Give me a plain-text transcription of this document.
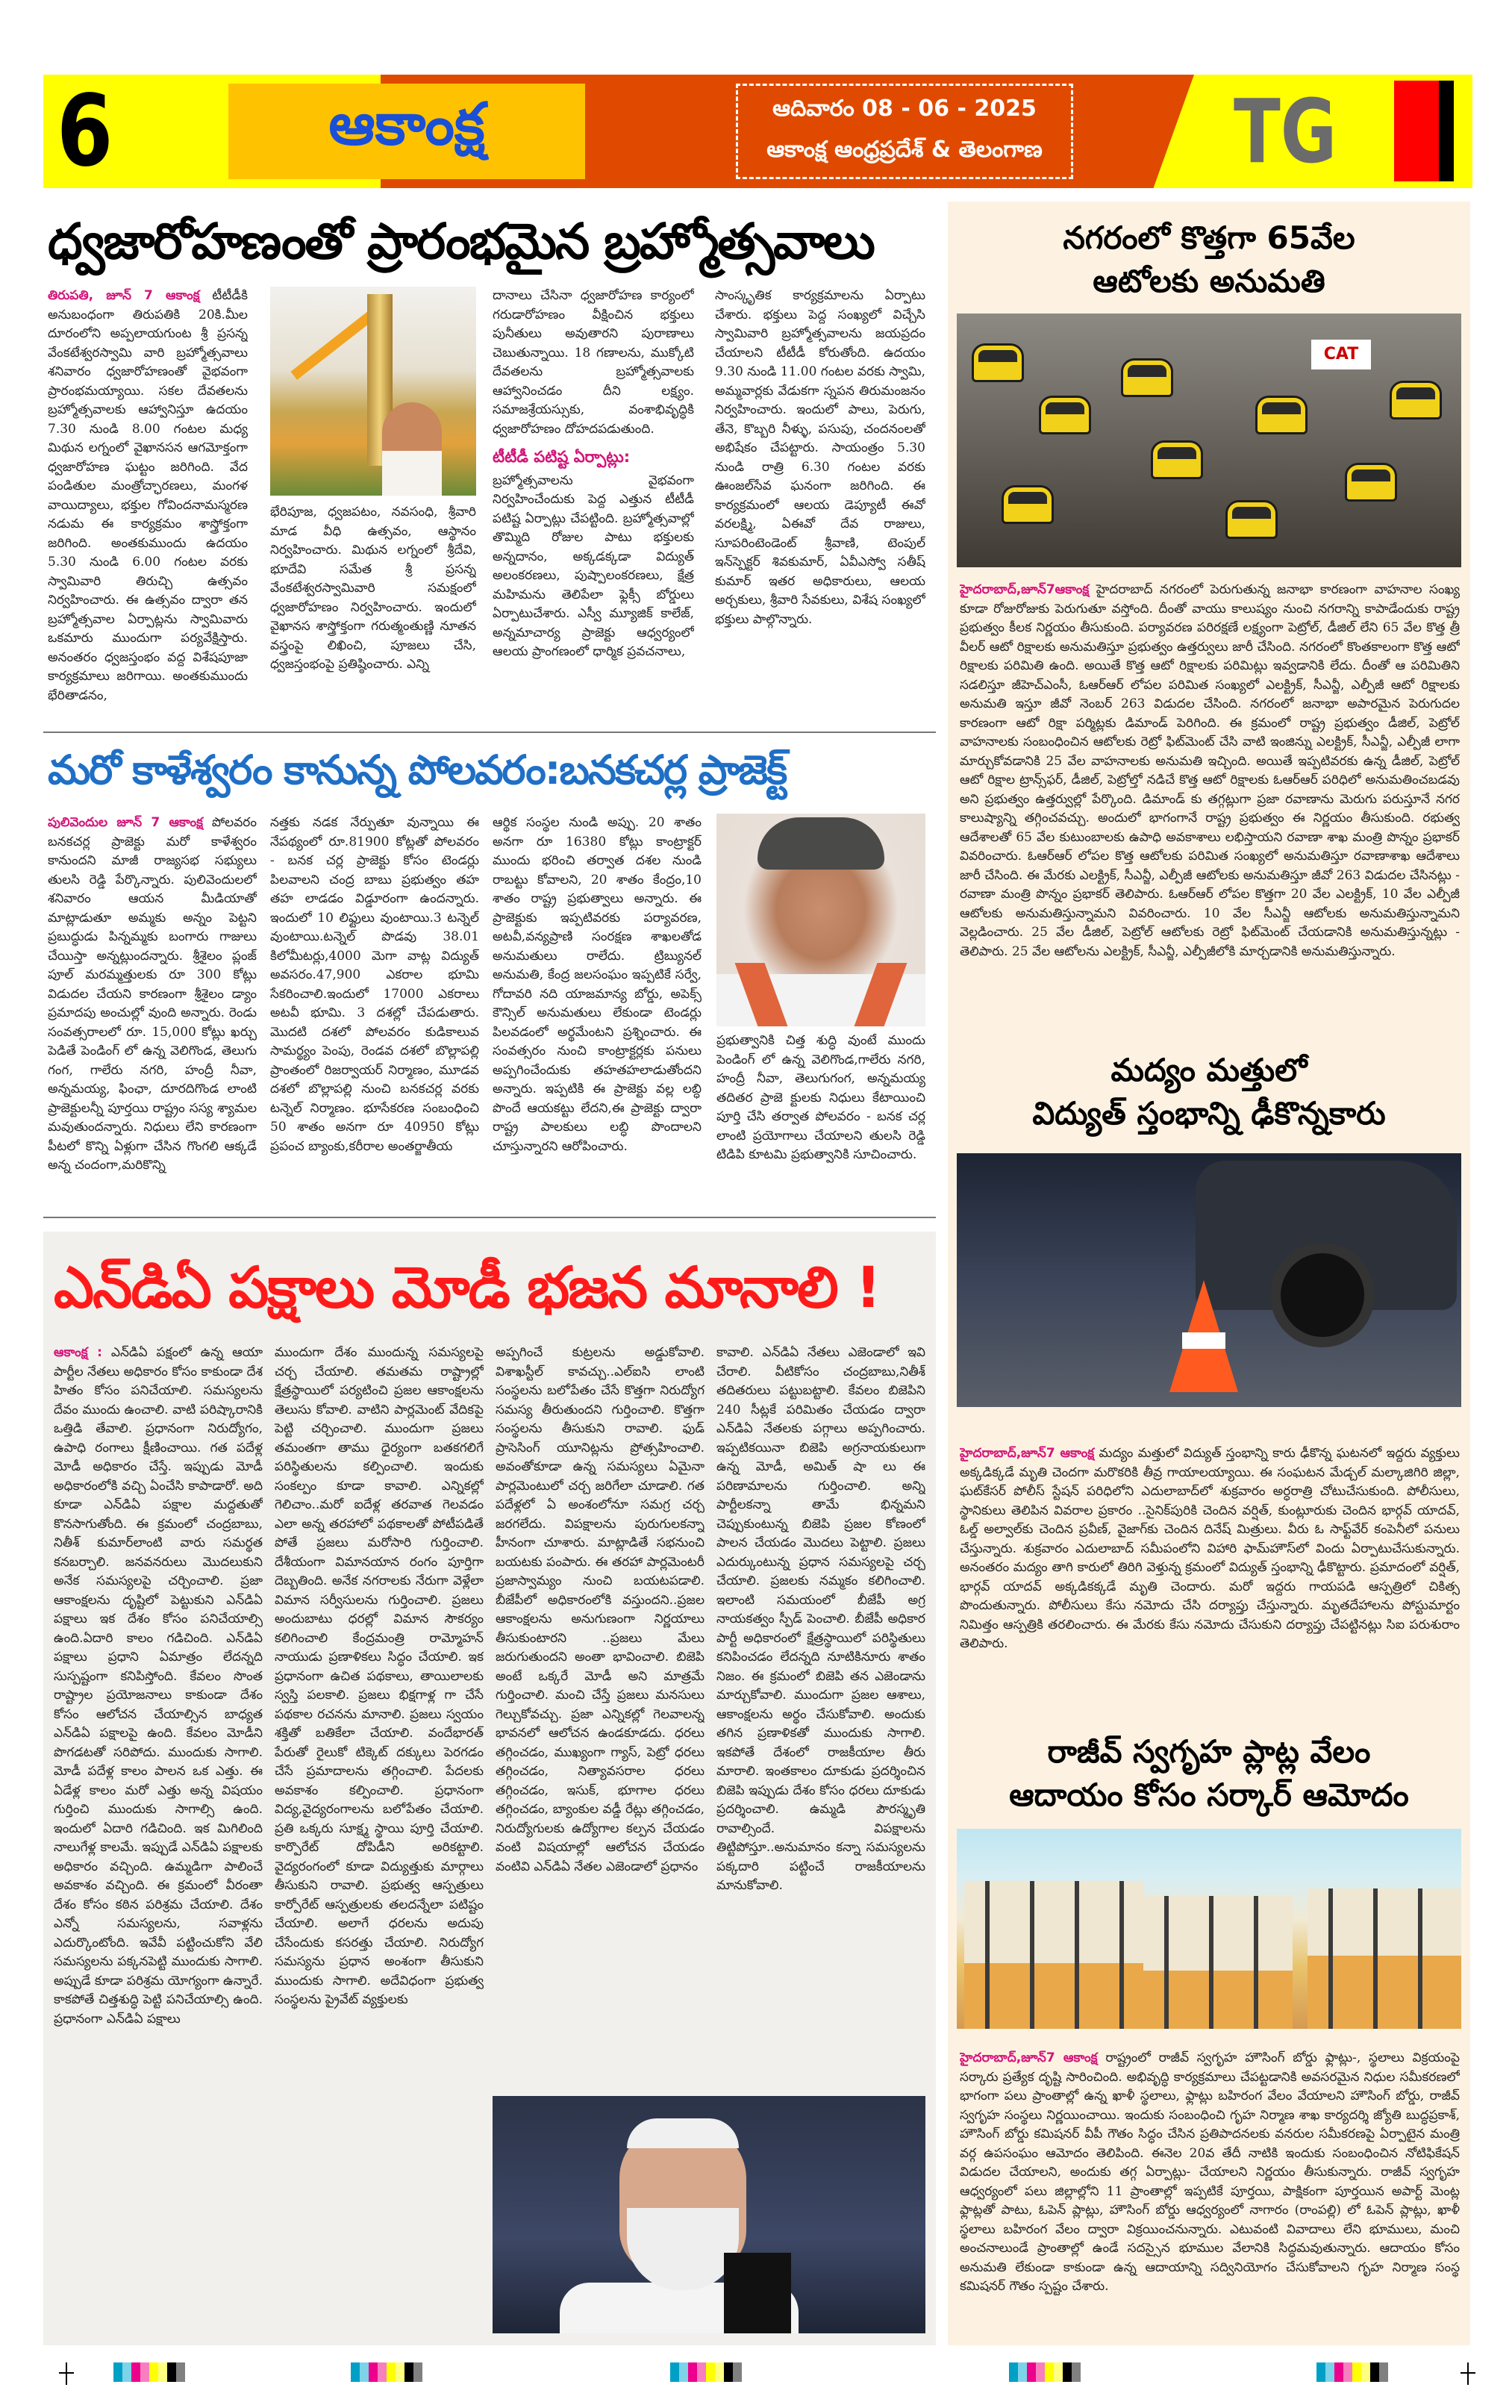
6	ఆకాంక్ష	ఆదివారం 08 - 06 - 2025
ఆకాంక్ష ఆంధ్రప్రదేశ్ & తెలంగాణ TG
ధ్వజారోహణంతో ప్రారంభమైన బ్రహ్మోత్సవాలు
తిరుపతి, జూన్ 7 ఆకాంక్ష టీటీడీకి అనుబంధంగా తిరుపతికి 20కి.మీల దూరంలోని అప్పలాయగుంట శ్రీ ప్రసన్న వేంకటేశ్వరస్వామి వారి బ్రహ్మోత్సవాలు శనివారం ధ్వజారోహణంతో వైభవంగా ప్రారంభమయ్యాయి. సకల దేవతలను బ్రహ్మోత్సవాలకు ఆహ్వానిస్తూ ఉదయం 7.30 నుండి 8.00 గంటల మధ్య మిథున లగ్నంలో వైఖానసన ఆగమోక్తంగా ధ్వజారోహణ ఘట్టం జరిగింది. వేద పండితుల మంత్రోచ్ఛారణలు, మంగళ వాయిద్యాలు, భక్తుల గోవిందనామస్మరణ నడుమ ఈ కార్యక్రమం శాస్త్రోక్తంగా జరిగింది. అంతకుముందు ఉదయం 5.30 నుండి 6.00 గంటల వరకు స్వామివారి తిరుచ్చి ఉత్సవం నిర్వహించారు. ఈ ఉత్సవం ద్వారా తన బ్రహ్మోత్సవాల ఏర్పాట్లను స్వామివారు ఒకమారు ముందుగా పర్యవేక్షిస్తారు. అనంతరం ధ్వజస్తంభం వద్ద విశేషపూజా కార్యక్రమాలు జరిగాయి. అంతకుముందు భేరితాడనం,
భేరిపూజ, ధ్వజపటం, నవసంధి, శ్రీవారి మాడ వీధి ఉత్సవం, ఆస్థానం నిర్వహించారు. మిథున లగ్నంలో శ్రీదేవి, భూదేవి సమేత శ్రీ ప్రసన్న వేంకటేశ్వరస్వామివారి సమక్షంలో ధ్వజారోహణం నిర్వహించారు. ఇందులో వైఖానస శాస్త్రోక్తంగా గరుత్మంతుణ్ణి నూతన వస్త్రంపై లిఖించి, పూజలు చేసి, ధ్వజస్తంభంపై ప్రతిష్ఠించారు. ఎన్ని
దానాలు చేసినా ధ్వజారోహణ కార్యంలో గరుడారోహణం వీక్షించిన భక్తులు పునీతులు అవుతారని పురాణాలు చెబుతున్నాయి. 18 గణాలను, ముక్కోటి దేవతలను బ్రహ్మోత్సవాలకు ఆహ్వానించడం దీని లక్ష్యం. సమాజశ్రేయస్సుకు, వంశాభివృద్ధికి ధ్వజారోహణం దోహదపడుతుంది.
టీటీడీ పటిష్ట ఏర్పాట్లు:
బ్రహ్మోత్సవాలను వైభవంగా నిర్వహించేందుకు పెద్ద ఎత్తున టీటీడీ పటిష్ట ఏర్పాట్లు చేపట్టింది. బ్రహ్మోత్సవాల్లో తొమ్మిది రోజుల పాటు భక్తులకు అన్నదానం, అక్కడక్కడా విద్యుత్ అలంకరణలు, పుష్పాలంకరణలు, క్షేత్ర మహిమను తెలిపేలా ఫ్లెక్సీ బోర్డులు ఏర్పాటుచేశారు. ఎస్వీ మ్యూజిక్ కాలేజ్, అన్నమాచార్య ప్రాజెక్టు ఆధ్వర్యంలో ఆలయ ప్రాంగణంలో ధార్మిక ప్రవచనాలు,
సాంస్కృతిక కార్యక్రమాలను ఏర్పాటు చేశారు. భక్తులు పెద్ద సంఖ్యలో విచ్చేసి స్వామివారి బ్రహ్మోత్సవాలను జయప్రదం చేయాలని టీటీడీ కోరుతోంది. ఉదయం 9.30 నుండి 11.00 గంటల వరకు స్వామి, అమ్మవార్లకు వేడుకగా స్నపన తిరుమంజనం నిర్వహించారు. ఇందులో పాలు, పెరుగు, తేనె, కొబ్బరి నీళ్ళు, పసుపు, చందనంలతో అభిషేకం చేపట్టారు. సాయంత్రం 5.30 నుండి రాత్రి 6.30 గంటల వరకు ఊంజల్‌సేవ ఘనంగా జరిగింది. ఈ కార్యక్రమంలో ఆలయ డెప్యూటీ ఈవో వరలక్ష్మి, ఏఈవో దేవ రాజులు, సూపరింటెండెంట్ శ్రీవాణి, టెంపుల్ ఇన్‌స్పెక్టర్ శివకుమార్, ఏవీఎస్వో సతీష్ కుమార్ ఇతర అధికారులు, ఆలయ అర్చకులు, శ్రీవారి సేవకులు, విశేష సంఖ్యలో భక్తులు పాల్గొన్నారు.
మరో కాళేశ్వరం కానున్న పోలవరం:బనకచర్ల ప్రాజెక్ట్
పులివెందుల జూన్ 7 ఆకాంక్ష పోలవరం బనకచర్ల ప్రాజెక్టు మరో కాళేశ్వరం కానుందని మాజీ రాజ్యసభ సభ్యులు తులసి రెడ్డి పేర్కొన్నారు. పులివెందులలో శనివారం ఆయన మీడియాతో మాట్లాడుతూ అమ్మకు అన్నం పెట్టని ప్రబుద్ధుడు పిన్నమ్మకు బంగారు గాజులు చేయిస్తా అన్నట్లుందన్నారు. శ్రీశైలం ప్లంజ్ పూల్ మరమ్మత్తులకు రూ 300 కోట్లు విడుదల చేయని కారణంగా శ్రీశైలం డ్యాం ప్రమాదపు అంచుల్లో వుంది అన్నారు. రెండు సంవత్సరాలలో రూ. 15,000 కోట్లు ఖర్చు పెడితే పెండింగ్ లో ఉన్న వెలిగొండ, తెలుగు గంగ, గాలేరు నగరి, హంద్రీ నీవా, అన్నమయ్య, ఫింఛా, దూరదిగొండ లాంటి ప్రాజెక్టులన్నీ పూర్తయి రాష్ట్రం సస్య శ్యామల మవుతుందన్నారు. నిధులు లేని కారణంగా పీటలో కొన్ని ఏళ్లుగా చేసిన గొంగలి ఆక్కడే అన్న చందంగా,మరికొన్ని
నత్తకు నడక నేర్పుతూ వున్నాయి ఈ నేపథ్యంలో రూ.81900 కోట్లతో పోలవరం - బనక చర్ల ప్రాజెక్టు కోసం టెండర్లు పిలవాలని చంద్ర బాబు ప్రభుత్వం తహ తహ లాడడం విడ్డూరంగా ఉందన్నారు. ఇందులో 10 లిఫ్టులు వుంటాయి.3 టన్నెల్ వుంటాయి.టన్నెల్ పొడవు 38.01 కిలోమీటర్లు,4000 మెగా వాట్ల విద్యుత్ అవసరం.47,900 ఎకరాల భూమి సేకరించాలి.ఇందులో 17000 ఎకరాలు అటవీ భూమి. 3 దశల్లో చేపడుతారు. మొదటి దశలో పోలవరం కుడికాలువ సామర్థ్యం పెంపు, రెండవ దశలో బొల్లాపల్లి ప్రాంతంలో రిజర్వాయర్ నిర్మాణం, మూడవ దశలో బొల్లాపల్లి నుంచి బనకచర్ల వరకు టన్నెల్ నిర్మాణం. భూసేకరణ సంబంధించి 50 శాతం అనగా రూ 40950 కోట్లు ప్రపంచ బ్యాంకు,కరీరాల అంతర్జాతీయ
ఆర్థిక సంస్థల నుండి అప్పు. 20 శాతం అనగా రూ 16380 కోట్లు కాంట్రాక్టర్ ముందు భరించి తర్వాత దశల నుండి రాబట్టు కోవాలని, 20 శాతం కేంద్రం,10 శాతం రాష్ట్ర ప్రభుత్వాలు అన్నారు. ఈ ప్రాజెక్టుకు ఇప్పటివరకు పర్యావరణ, అటవీ,వన్యప్రాణి సంరక్షణ శాఖలతోడ అనుమతులు రాలేదు. ట్రిబ్యునల్ అనుమతి, కేంద్ర జలసంఘం ఇప్పటికే సర్వే, గోదావరి నది యాజమాన్య బోర్డు, అపెక్స్ కౌన్సిల్ అనుమతులు లేకుండా టెండర్లు పిలవడంలో అర్థమేంటని ప్రశ్నించారు. ఈ సంవత్సరం నుంచి కాంట్రాక్టర్లకు పనులు అప్పగించేందుకు తహతహలాడుతోందని అన్నారు. ఇప్పటికి ఈ ప్రాజెక్టు వల్ల లబ్ధి పొందే ఆయకట్టు లేదని,ఈ ప్రాజెక్టు ద్వారా రాష్ట్ర పాలకులు లబ్ధి పొందాలని చూస్తున్నారని ఆరోపించారు.
ప్రభుత్వానికి చిత్త శుద్ధి వుంటే ముందు పెండింగ్ లో ఉన్న వెలిగొండ,గాలేరు నగరి, హంద్రీ నీవా, తెలుగుగంగ, అన్నమయ్య తదితర ప్రాజె క్టులకు నిధులు కేటాయించి పూర్తి చేసి తర్వాత పోలవరం - బనక చర్ల లాంటి ప్రయోగాలు చేయాలని తులసి రెడ్డి టిడిపి కూటమి ప్రభుత్వానికి సూచించారు.
ఎన్‌డిఏ పక్షాలు మోడీ భజన మానాలి !
ఆకాంక్ష : ఎన్‌డిఏ పక్షంలో ఉన్న ఆయా పార్టీల నేతలు అధికారం కోసం కాకుండా దేశ హితం కోసం పనిచేయాలి. సమస్యలను దేవం ముందు ఉంచాలి. వాటి పరిష్కారానికి ఒత్తిడి తేవాలి. ప్రధానంగా నిరుద్యోగం, ఉపాధి రంగాలు క్షీణించాయి. గత పదేళ్ల మోడీ అధికారం చేస్తే. ఇప్పుడు మోడీ అధికారంలోకి వచ్చి ఏంచేసి కాపాడారో. అది కూడా ఎన్‌డిఏ పక్షాల మద్దతుతో కొనసాగుతోంది. ఈ క్రమంలో చంద్రబాబు, నితీశ్ కుమార్‌లాంటి వారు సమర్థత కనబర్చాలి. జనవనరులు మొదలుకుని అనేక సమస్యలపై చర్చించాలి. ప్రజా ఆకాంక్షలను దృష్టిలో పెట్టుకుని ఎన్‌డిఏ పక్షాలు ఇక దేశం కోసం పనిచేయాల్సి ఉంది.ఏదారి కాలం గడిచింది. ఎన్‌డిఏ పక్షాలు ప్రధాని ఏమాత్రం లేదన్నది సుస్పష్టంగా కనిపిస్తోంది. కేవలం సొంత రాష్ట్రాల ప్రయోజనాలు కాకుండా దేశం కోసం ఆలోచన చేయాల్సిన బాధ్యత ఎన్‌డిఏ పక్షాలపై ఉంది. కేవలం మోడీని పొగడటతో సరిపోదు. ముందుకు సాగాలి. మోడీ పదేళ్ల కాలం పాలన ఒక ఎత్తు. ఈ ఏడేళ్ల కాలం మరో ఎత్తు అన్న విషయం గుర్తించి ముందుకు సాగాల్సి ఉంది. ఇందులో ఏదారి గడిచింది. ఇక మిగిలింది నాలుగేళ్ల కాలమే. ఇప్పుడే ఎన్‌డిఏ పక్షాలకు అధికారం వచ్చింది. ఉమ్మడిగా పాలించే అవకాశం వచ్చింది. ఈ క్రమంలో వీరంతా దేశం కోసం కఠిన పరిశ్రమ చేయాలి. దేశం ఎన్నో సమస్యలను, సవాళ్లను ఎదుర్కొంటోంది. ఇవేవీ పట్టించుకోని వేలి సమస్యలను పక్కనపెట్టి ముందుకు సాగాలి. అప్పుడే కూడా పరిశ్రమ యోగ్యంగా ఉన్నారే. కాకపోతే చిత్తశుద్ధి పెట్టి పనిచేయాల్సి ఉంది. ప్రధానంగా ఎన్‌డిఏ పక్షాలు
ముందుగా దేశం ముందున్న సమస్యలపై చర్చ చేయాలి. తమతమ రాష్ట్రాల్లో క్షేత్రస్థాయిలో పర్యటించి ప్రజల ఆకాంక్షలను తెలుసు కోవాలి. వాటిని పార్లమెంట్ వేదికపై పెట్టి చర్చించాలి. ముందుగా ప్రజలు తమంతగా తాము ధైర్యంగా బతకగలిగే పరిస్థితులను కల్పించాలి. ఇందుకు సంకల్పం కూడా కావాలి. ఎన్నికల్లో గెలిచాం..మరో ఐదేళ్ల తరవాత గెలవడం ఎలా అన్న తరహాలో పథకాలతో పోటీపడితే పోతే ప్రజలు మరోసారి గుర్తించాలి. దేశీయంగా విమానయాన రంగం పూర్తిగా దెబ్బతింది. అనేక నగరాలకు నేరుగా వెళ్లేలా విమాన సర్వీసులను గుర్తించాలి. ప్రజలు అందుబాటు ధరల్లో విమాన సౌకర్యం కలిగించాలి కేంద్రమంత్రి రామ్మోహన్ నాయుడు ప్రణాళికలు సిద్ధం చేయాలి. ఇక ప్రధానంగా ఉచిత పథకాలు, తాయిలాలకు స్వస్తి పలకాలి. ప్రజలు భిక్షగాళ్ల గా చేసే పథకాల రచనను మానాలి. ప్రజలు స్వయం శక్తితో బతికేలా చేయాలి. వందేభారత్ పేరుతో రైలుకో టిక్కెట్ దక్కులు పెరగడం చేసే ప్రమాదాలను తగ్గించాలి. పేదలకు అవకాశం కల్పించాలి. ప్రధానంగా విద్య,వైద్యరంగాలను బలోపేతం చేయాలి. ప్రతి ఒక్కరు సూక్ష్మ స్థాయి పూర్తి చేయాలి. కార్పొరేట్ దోపిడీని అరికట్టాలి. వైద్యరంగంలో కూడా విద్యుత్తుకు మార్గాలు తీసుకుని రావాలి. ప్రభుత్వ ఆస్పత్రులు కార్పోరేట్ ఆస్పత్రులకు తలదన్నేలా పటిష్టం చేయాలి. అలాగే ధరలను అదుపు చేసేందుకు కసరత్తు చేయాలి. నిరుద్యోగ సమస్యను ప్రధాన అంశంగా తీసుకుని ముందుకు సాగాలి. అదేవిధంగా ప్రభుత్వ సంస్థలను ప్రైవేట్ వ్యక్తులకు
అప్పగించే కుట్రలను అడ్డుకోవాలి. విశాఖస్టీల్ కావచ్చు..ఎల్ఐసి లాంటి సంస్థలను బలోపేతం చేసే కొత్తగా నిరుద్యోగ సమస్య తీరుతుందని గుర్తించాలి. కొత్తగా సంస్థలను తీసుకుని రావాలి. ఫుడ్ ప్రాసెసింగ్ యూనిట్లను ప్రోత్సహించాలి. అవంతోకూడా ఉన్న సమస్యలు ఏమైనా పార్లమెంటులో చర్చ జరిగేలా చూడాలి. గత పదేళ్లలో ఏ అంశంలోనూ సమగ్ర చర్చ జరగలేదు. విపక్షాలను పురుగులకన్నా హీనంగా చూశారు. మాట్లాడితే సభనుంచి బయటకు పంపారు. ఈ తరహా పార్లమెంటరీ ప్రజాస్వామ్యం నుంచి బయటపడాలి. బీజేపీలో అధికారంలోకి వస్తుందని..ప్రజల ఆకాంక్షలను అనుగుణంగా నిర్ణయాలు తీసుకుంటారని ..ప్రజలు మేలు జరుగుతుందని అంతా భావించాలి. బిజెపి అంటే ఒక్కరే మోడీ అని మాత్రమే గుర్తించాలి. మంచి చేస్తే ప్రజలు మనసులు గెల్చుకోవచ్చు. ప్రజా ఎన్నికల్లో గెలవాలన్న భావనలో ఆలోచన ఉండకూడదు. ధరలు తగ్గించడం, ముఖ్యంగా గ్యాస్, పెట్రో ధరలు తగ్గించడం, నిత్యావసరాల ధరలు తగ్గించడం, ఇసుక్, భూగాల ధరలు తగ్గించడం, బ్యాంకుల వడ్డీ రేట్లు తగ్గించడం, నిరుద్యోగులకు ఉద్యోగాల కల్పన చేయడం వంటి విషయాల్లో ఆలోచన చేయడం వంటివి ఎన్‌డిఏ నేతల ఎజెండాలో ప్రధానం
కావాలి. ఎన్‌డిఏ నేతలు ఎజెండాలో ఇవి చేరాలి. వీటికోసం చంద్రబాబు,నితీశ్ తదితరులు పట్టుబట్టాలి. కేవలం బిజెపిని 240 సీట్లకే పరిమితం చేయడం ద్వారా ఎన్‌డిఏ నేతలకు పగ్గాలు అప్పగించారు. ఇప్పటికయినా బిజెపి అగ్రనాయకులుగా ఉన్న మోడీ, అమిత్ షా లు ఈ పరిణామాలను గుర్తించాలి. అన్ని పార్టీలకన్నా తామే భిన్నమని చెప్పుకుంటున్న బిజెపి ప్రజల కోణంలో పాలన చేయడం మొదలు పెట్టాలి. ప్రజలు ఎదుర్కుంటున్న ప్రధాన సమస్యలపై చర్చ చేయాలి. ప్రజలకు నమ్మకం కలిగించాలి. ఇలాంటి సమయంలో బీజేపీ అగ్ర నాయకత్వం స్పీడ్ పెంచాలి. బీజేపీ అధికార పార్టీ అధికారంలో క్షేత్రస్థాయిలో పరిస్థితులు కనిపించడం లేదన్నది నూటికినూరు శాతం నిజం. ఈ క్రమంలో బిజెపి తన ఎజెండాను మార్చుకోవాలి. ముందుగా ప్రజల ఆశాలు, ఆకాంక్షలను అర్థం చేసుకోవాలి. అందుకు తగిన ప్రణాళికతో ముందుకు సాగాలి. ఇకపోతే దేశంలో రాజకీయాల తీరు మారాలి. ఇంతకాలం దూకుడు ప్రదర్శించిన బిజెపి ఇప్పుడు దేశం కోసం ధరలు దూకుడు ప్రదర్శించాలి. ఉమ్మడి పౌరస్మృతి రావాల్సిందే. విపక్షాలను తిట్టిపోస్తూ..అనుమానం కన్నా సమస్యలను పక్కదారి పట్టించే రాజకీయాలను మానుకోవాలి.
నగరంలో కొత్తగా 65వేల
ఆటోలకు అనుమతి
CAT
హైదరాబాద్,జూన్7ఆకాంక్ష హైదరాబాద్ నగరంలో పెరుగుతున్న జనాభా కారణంగా వాహనాల సంఖ్య కూడా రోజురోజుకు పెరుగుతూ వస్తోంది. దీంతో వాయు కాలుష్యం నుంచి నగరాన్ని కాపాడేందుకు రాష్ట్ర ప్రభుత్వం కీలక నిర్ణయం తీసుకుంది. పర్యావరణ పరిరక్షణే లక్ష్యంగా పెట్రోల్, డీజిల్ లేని 65 వేల కొత్త త్రీ వీలర్ ఆటో రిక్షాలకు అనుమతిస్తూ ప్రభుత్వం ఉత్తర్వులు జారీ చేసింది. నగరంలో కొంతకాలంగా కొత్త ఆటో రిక్షాలకు పరిమితి ఉంది. అయితే కొత్త ఆటో రిక్షాలకు పరిమిట్లు ఇవ్వడానికి లేదు. దీంతో ఆ పరిమితిని సడలిస్తూ జీహెచ్ఎంసీ, ఓఆర్ఆర్ లోపల పరిమిత సంఖ్యలో ఎలక్ట్రిక్, సీఎన్జీ, ఎల్పీజీ ఆటో రిక్షాలకు అనుమతి ఇస్తూ జీవో నెంబర్ 263 విడుదల చేసింది. నగరంలో జనాభా అపారమైన పెరుగుదల కారణంగా ఆటో రిక్షా పర్మిట్లకు డిమాండ్ పెరిగింది. ఈ క్రమంలో రాష్ట్ర ప్రభుత్వం డీజిల్, పెట్రోల్ వాహనాలకు సంబంధించిన ఆటోలకు రెట్రో ఫిట్‌మెంట్ చేసి వాటి ఇంజిన్ను ఎలక్ట్రిక్, సీఎన్జీ, ఎల్పీజీ లాగా మార్చుకోవడానికి 25 వేల వాహనాలకు అనుమతి ఇచ్చింది. అయితే ఇప్పటివరకు ఉన్న డీజిల్, పెట్రోల్ ఆటో రిక్షాల ట్రాన్స్‌ఫర్, డీజిల్, పెట్రోల్తో నడిచే కొత్త ఆటో రిక్షాలకు ఓఆర్ఆర్ పరిధిలో అనుమతించబడవు అని ప్రభుత్వం ఉత్తర్వుల్లో పేర్కొంది. డిమాండ్ కు తగ్గట్లుగా ప్రజా రవాణాను మెరుగు పరుస్తూనే నగర కాలుష్యాన్ని తగ్గించవచ్చు. అందులో భాగంగానే రాష్ట్ర ప్రభుత్వం ఈ నిర్ణయం తీసుకుంది. రభుత్వ ఆదేశాలతో 65 వేల కుటుంబాలకు ఉపాధి అవకాశాలు లభిస్తాయని రవాణా శాఖ మంత్రి పొన్నం ప్రభాకర్ వివరించారు. ఓఆర్ఆర్ లోపల కొత్త ఆటోలకు పరిమిత సంఖ్యలో అనుమతిస్తూ రవాణాశాఖ ఆదేశాలు జారీ చేసింది. ఈ మేరకు ఎలక్ట్రిక్, సీఎన్జీ, ఎల్పీజీ ఆటోలకు అనుమతిస్తూ జీవో 263 విడుదల చేసినట్లు - రవాణా మంత్రి పొన్నం ప్రభాకర్ తెలిపారు. ఓఆర్ఆర్ లోపల కొత్తగా 20 వేల ఎలక్ట్రిక్, 10 వేల ఎల్పీజీ ఆటోలకు అనుమతిస్తున్నామని వివరించారు. 10 వేల సీఎన్జీ ఆటోలకు అనుమతిస్తున్నామని వెల్లడించారు. 25 వేల డీజిల్, పెట్రోల్ ఆటోలకు రెట్రో ఫిట్‌మెంట్ చేయడానికి అనుమతిస్తున్నట్లు - తెలిపారు. 25 వేల ఆటోలను ఎలక్ట్రిక్, సీఎన్జీ, ఎల్పీజీలోకి మార్చడానికి అనుమతిస్తున్నారు.
మద్యం మత్తులో
విద్యుత్ స్తంభాన్ని ఢీకొన్నకారు
హైదరాబాద్,జూన్7 ఆకాంక్ష మద్యం మత్తులో విద్యుత్ స్తంభాన్ని కారు ఢీకొన్న ఘటనలో ఇద్దరు వ్యక్తులు అక్కడిక్కడే మృతి చెందగా మరొకరికి తీవ్ర గాయాలయ్యాయి. ఈ సంఘటన మేడ్చల్ మల్కాజిగిరి జిల్లా, ఘట్‌కేసర్ పోలీస్ స్టేషన్ పరిధిలోని ఎదులాబాద్‌లో శుక్రవారం అర్ధరాత్రి చోటుచేసుకుంది. పోలీసులు, స్థానికులు తెలిపిన వివరాల ప్రకారం ..సైనిక్‌పురికి చెందిన వర్షిత్, కుంట్లూరుకు చెందిన భార్గవ్ యాదవ్, ఓల్డ్ అల్వాల్‌కు చెందిన ప్రవీణ్, వైజాగ్‌కు చెందిన దినేష్ మిత్రులు. వీరు ఓ సాఫ్ట్‌వేర్ కంపెనీలో పనులు చేస్తున్నారు. శుక్రవారం ఎదులాబాద్ సమీపంలోని విహారి ఫామ్‌హౌస్‌లో విందు ఏర్పాటుచేసుకున్నారు. అనంతరం మద్యం తాగి కారులో తిరిగి వెళ్తున్న క్రమంలో విద్యుత్ స్తంభాన్ని ఢీకొట్టారు. ప్రమాదంలో వర్షిత్, భార్గవ్ యాదవ్ అక్కడికక్కడే మృతి చెందారు. మరో ఇద్దరు గాయపడి ఆస్పత్రిలో చికిత్స పొందుతున్నారు. పోలీసులు కేసు నమోదు చేసి దర్యాప్తు చేస్తున్నారు. మృతదేహాలను పోస్టుమార్టం నిమిత్తం ఆస్పత్రికి తరలించారు. ఈ మేరకు కేసు నమోదు చేసుకుని దర్యాప్తు చేపట్టినట్లు సిఐ పరుశురాం తెలిపారు.
రాజీవ్ స్వగృహ ప్లాట్ల వేలం
ఆదాయం కోసం సర్కార్ ఆమోదం
హైదరాబాద్,జూన్7 ఆకాంక్ష రాష్ట్రంలో రాజీవ్ స్వగృహ హౌసింగ్ బోర్డు ఫ్లాట్లు-, స్థలాలు విక్రయంపై సర్కారు ప్రత్యేక దృష్టి సారించింది. అభివృద్ధి కార్యక్రమాలు చేపట్టడానికి అవసరమైన నిధుల సమీకరణలో భాగంగా పలు ప్రాంతాల్లో ఉన్న ఖాళీ స్థలాలు, ఫ్లాట్లు బహిరంగ వేలం వేయాలని హౌసింగ్ బోర్డు, రాజీవ్ స్వగృహ సంస్థలు నిర్ణయించాయి. ఇందుకు సంబంధించి గృహ నిర్మాణ శాఖ కార్యదర్శి జ్యోతి బుద్ధప్రకాశ్, హౌసింగ్ బోర్డు కమిషనర్ వీపీ గౌతం సిద్ధం చేసిన ప్రతిపాదనలకు వనరుల సమీకరణపై ఏర్పాటైన మంత్రి వర్గ ఉపసంఘం ఆమోదం తెలిపింది. ఈనెల 20వ తేదీ నాటికి ఇందుకు సంబంధించిన నోటిఫికేషన్ విడుదల చేయాలని, అందుకు తగ్గ ఏర్పాట్లు- చేయాలని నిర్ణయం తీసుకున్నారు. రాజీవ్ స్వగృహ ఆధ్వర్యంలో పలు జిల్లాల్లోని 11 ప్రాంతాల్లో ఇప్పటికే పూర్తయి, పాక్షికంగా పూర్తయిన అపార్ట్ మెంట్ల ఫ్లాట్లతో పాటు, ఓపెన్ ప్లాట్లు, హౌసింగ్ బోర్డు ఆధ్వర్యంలో నాగారం (రాంపల్లి) లో ఓపెన్ ప్లాట్లు, ఖాళీ స్థలాలు బహిరంగ వేలం ద్వారా విక్రయించనున్నారు. ఎటువంటి వివాదాలు లేని భూములు, మంచి అంచనాలుండే ప్రాంతాల్లో ఉండే సదస్సైన భూముల వేలానికి సిద్ధమవుతున్నారు. ఆదాయం కోసం అనుమతి లేకుండా కాకుండా ఉన్న ఆదాయాన్ని సద్వినియోగం చేసుకోవాలని గృహ నిర్మాణ సంస్థ కమిషనర్ గౌతం స్పష్టం చేశారు.
